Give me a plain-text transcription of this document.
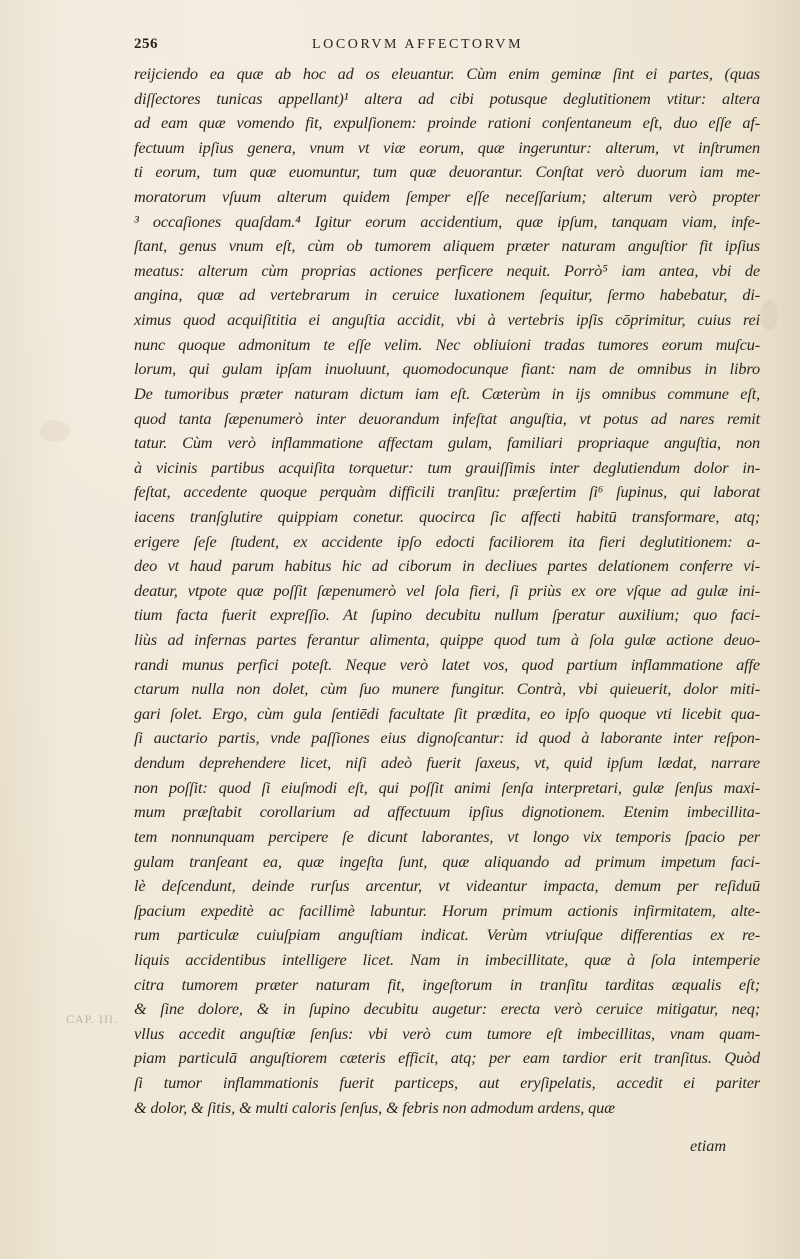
256	LOCORVM AFFECTORVM
reijciendo ea quæ ab hoc ad os eleuantur. Cùm enim geminæ ſint ei partes, (quas
diſſectores tunicas appellant)¹ altera ad cibi potusque deglutitionem vtitur: altera
ad eam quæ vomendo fit, expulſionem: proinde rationi conſentaneum eſt, duo eſſe af-
fectuum ipſius genera, vnum vt viæ eorum, quæ ingeruntur: alterum, vt inſtrumen
ti eorum, tum quæ euomuntur, tum quæ deuorantur. Conſtat verò duorum iam me-
moratorum vſuum alterum quidem ſemper eſſe neceſſarium; alterum verò propter
³ occaſiones quaſdam.⁴ Igitur eorum accidentium, quæ ipſum, tanquam viam, infe-
ſtant, genus vnum eſt, cùm ob tumorem aliquem præter naturam anguſtior fit ipſius
meatus: alterum cùm proprias actiones perficere nequit. Porrò⁵ iam antea, vbi de
angina, quæ ad vertebrarum in ceruice luxationem ſequitur, ſermo habebatur, di-
ximus quod acquiſititia ei anguſtia accidit, vbi à vertebris ipſis cōprimitur, cuius rei
nunc quoque admonitum te eſſe velim. Nec obliuioni tradas tumores eorum muſcu-
lorum, qui gulam ipſam inuoluunt, quomodocunque fiant: nam de omnibus in libro
De tumoribus præter naturam dictum iam eſt. Cæterùm in ijs omnibus commune eſt,
quod tanta ſæpenumerò inter deuorandum infeſtat anguſtia, vt potus ad nares remit
tatur. Cùm verò inflammatione affectam gulam, familiari propriaque anguſtia, non
à vicinis partibus acquiſita torquetur: tum grauiſſimis inter deglutiendum dolor in-
feſtat, accedente quoque perquàm difficili tranſitu: præſertim ſi⁶ ſupinus, qui laborat
iacens tranſglutire quippiam conetur. quocirca ſic affecti habitū transformare, atq;
erigere ſeſe ſtudent, ex accidente ipſo edocti faciliorem ita fieri deglutitionem: a-
deo vt haud parum habitus hic ad ciborum in decliues partes delationem conferre vi-
deatur, vtpote quæ poſſit ſæpenumerò vel ſola fieri, ſi priùs ex ore vſque ad gulæ ini-
tium facta fuerit expreſſio. At ſupino decubitu nullum ſperatur auxilium; quo faci-
liùs ad infernas partes ferantur alimenta, quippe quod tum à ſola gulæ actione deuo-
randi munus perfici poteſt. Neque verò latet vos, quod partium inflammatione affe
ctarum nulla non dolet, cùm ſuo munere fungitur. Contrà, vbi quieuerit, dolor miti-
gari ſolet. Ergo, cùm gula ſentiēdi facultate ſit prædita, eo ipſo quoque vti licebit qua-
ſi auctario partis, vnde paſſiones eius dignoſcantur: id quod à laborante inter reſpon-
dendum deprehendere licet, niſi adeò fuerit ſaxeus, vt, quid ipſum lædat, narrare
non poſſit: quod ſi eiuſmodi eſt, qui poſſit animi ſenſa interpretari, gulæ ſenſus maxi-
mum præſtabit corollarium ad affectuum ipſius dignotionem. Etenim imbecillita-
tem nonnunquam percipere ſe dicunt laborantes, vt longo vix temporis ſpacio per
gulam tranſeant ea, quæ ingeſta ſunt, quæ aliquando ad primum impetum faci-
lè deſcendunt, deinde rurſus arcentur, vt videantur impacta, demum per reſiduū
ſpacium expeditè ac facillimè labuntur. Horum primum actionis infirmitatem, alte-
rum particulæ cuiuſpiam anguſtiam indicat. Verùm vtriuſque differentias ex re-
liquis accidentibus intelligere licet. Nam in imbecillitate, quæ à ſola intemperie
citra tumorem præter naturam fit, ingeſtorum in tranſitu tarditas æqualis eſt;
& ſine dolore, & in ſupino decubitu augetur: erecta verò ceruice mitigatur, neq;
vllus accedit anguſtiæ ſenſus: vbi verò cum tumore eſt imbecillitas, vnam quam-
piam particulā anguſtiorem cæteris efficit, atq; per eam tardior erit tranſitus. Quòd
ſi tumor inflammationis fuerit particeps, aut eryſipelatis, accedit ei pariter
& dolor, & ſitis, & multi caloris ſenſus, & febris non admodum ardens, quæ
CAP. III.
etiam
